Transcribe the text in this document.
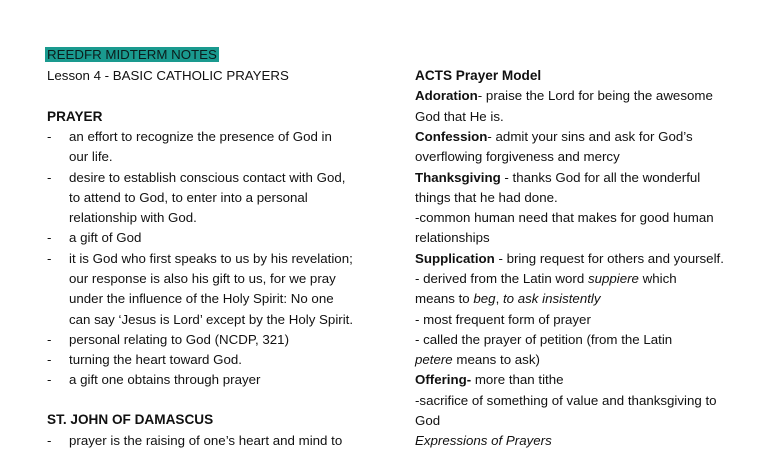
REEDFR MIDTERM NOTES
Lesson 4 - BASIC CATHOLIC PRAYERS
PRAYER
-	an effort to recognize the presence of God in
our life.
-	desire to establish conscious contact with God,
to attend to God, to enter into a personal
relationship with God.
-	a gift of God
-	it is God who first speaks to us by his revelation;
our response is also his gift to us, for we pray
under the influence of the Holy Spirit: No one
can say ‘Jesus is Lord’ except by the Holy Spirit.
-	personal relating to God (NCDP, 321)
-	turning the heart toward God.
-	a gift one obtains through prayer
ST. JOHN OF DAMASCUS
-	prayer is the raising of one’s heart and mind to
ACTS Prayer Model
Adoration- praise the Lord for being the awesome
God that He is.
Confession- admit your sins and ask for God’s
overflowing forgiveness and mercy
Thanksgiving - thanks God for all the wonderful
things that he had done.
-common human need that makes for good human
relationships
Supplication - bring request for others and yourself.
- derived from the Latin word suppiere which
means to beg, to ask insistently
- most frequent form of prayer
- called the prayer of petition (from the Latin
petere means to ask)
Offering- more than tithe
-sacrifice of something of value and thanksgiving to
God
Expressions of Prayers
